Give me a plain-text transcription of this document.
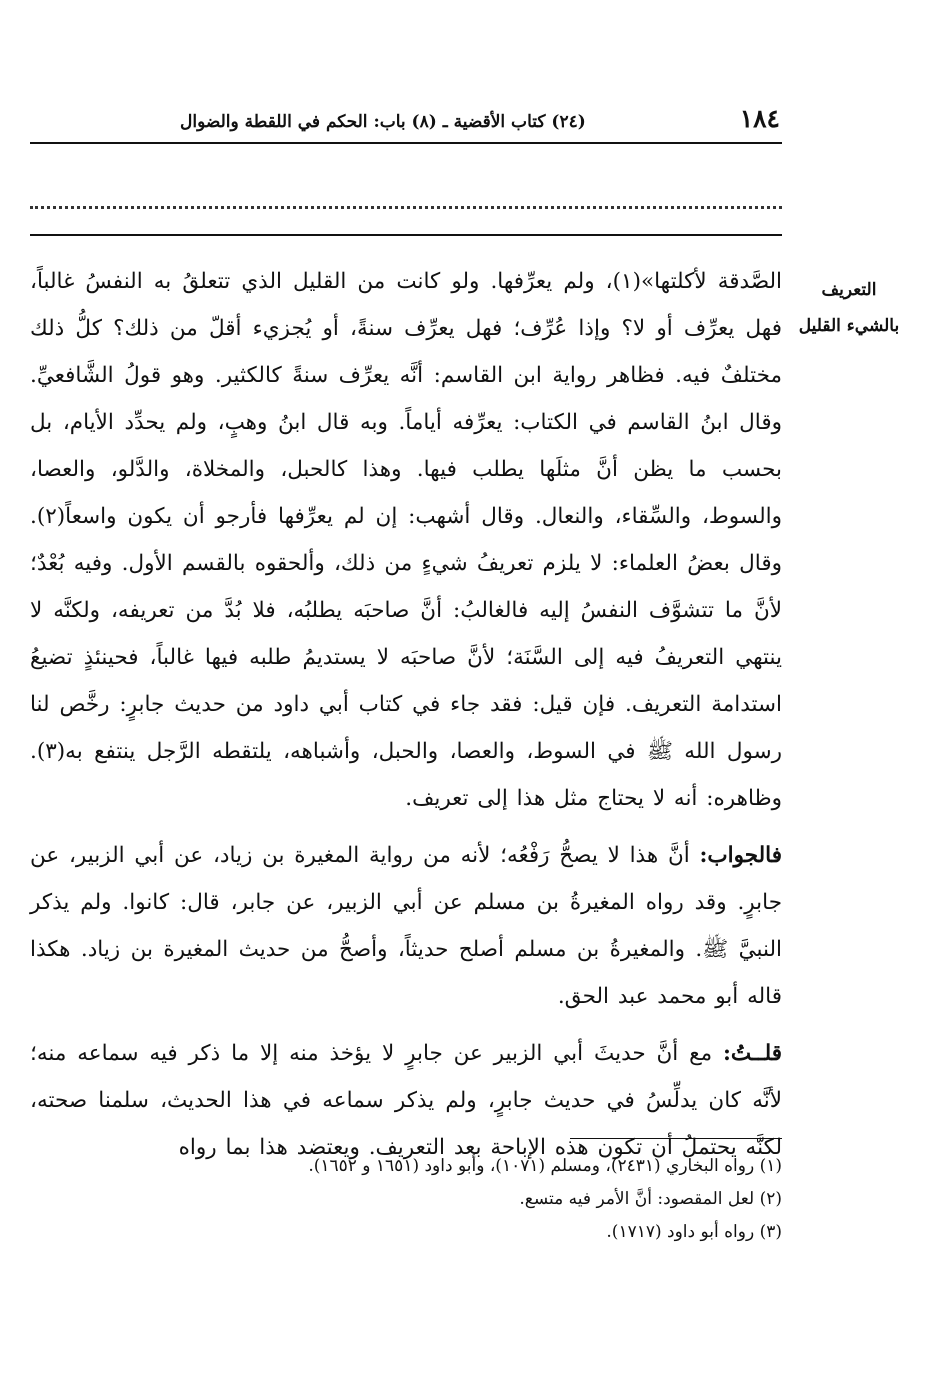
١٨٤
(٢٤) كتاب الأقضية ـ (٨) باب: الحكم في اللقطة والضوال
التعريف
بالشيء القليل

الصَّدقة لأكلتها»(١)، ولم يعرِّفها. ولو كانت من القليل الذي تتعلقُ به النفسُ غالباً، فهل يعرِّف أو لا؟ وإذا عُرِّف؛ فهل يعرِّف سنةً، أو يُجزيء أقلّ من ذلك؟ كلُّ ذلك مختلفٌ فيه. فظاهر رواية ابن القاسم: أنَّه يعرِّف سنةً كالكثير. وهو قولُ الشَّافعيِّ. وقال ابنُ القاسم في الكتاب: يعرِّفه أياماً. وبه قال ابنُ وهبٍ، ولم يحدِّد الأيام، بل بحسب ما يظن أنَّ مثلَها يطلب فيها. وهذا كالحبل، والمخلاة، والدَّلو، والعصا، والسوط، والسِّقاء، والنعال. وقال أشهب: إن لم يعرِّفها فأرجو أن يكون واسعاً(٢). وقال بعضُ العلماء: لا يلزم تعريفُ شيءٍ من ذلك، وألحقوه بالقسم الأول. وفيه بُعْدٌ؛ لأنَّ ما تتشوَّف النفسُ إليه فالغالبُ: أنَّ صاحبَه يطلبُه، فلا بُدَّ من تعريفه، ولكنَّه لا ينتهي التعريفُ فيه إلى السَّنَة؛ لأنَّ صاحبَه لا يستديمُ طلبه فيها غالباً، فحينئذٍ تضيعُ استدامة التعريف. فإن قيل: فقد جاء في كتاب أبي داود من حديث جابرٍ: رخَّص لنا رسول الله ﷺ في السوط، والعصا، والحبل، وأشباهه، يلتقطه الرَّجل ينتفع به(٣). وظاهره: أنه لا يحتاج مثل هذا إلى تعريف.

فالجواب: أنَّ هذا لا يصحُّ رَفْعُه؛ لأنه من رواية المغيرة بن زياد، عن أبي الزبير، عن جابرٍ. وقد رواه المغيرةُ بن مسلم عن أبي الزبير، عن جابر، قال: كانوا. ولم يذكر النبيَّ ﷺ. والمغيرةُ بن مسلم أصلح حديثاً، وأصحُّ من حديث المغيرة بن زياد. هكذا قاله أبو محمد عبد الحق.

قلــتُ: مع أنَّ حديثَ أبي الزبير عن جابرٍ لا يؤخذ منه إلا ما ذكر فيه سماعه منه؛ لأنَّه كان يدلِّسُ في حديث جابرٍ، ولم يذكر سماعه في هذا الحديث، سلمنا صحته، لكنَّه يحتملُ أن تكون هذه الإباحة بعد التعريف. ويعتضد هذا بما رواه

(١) رواه البخاري (٢٤٣١)، ومسلم (١٠٧١)، وأبو داود (١٦٥١ و ١٦٥٢).

(٢) لعل المقصود: أنَّ الأمر فيه متسع.

(٣) رواه أبو داود (١٧١٧).
